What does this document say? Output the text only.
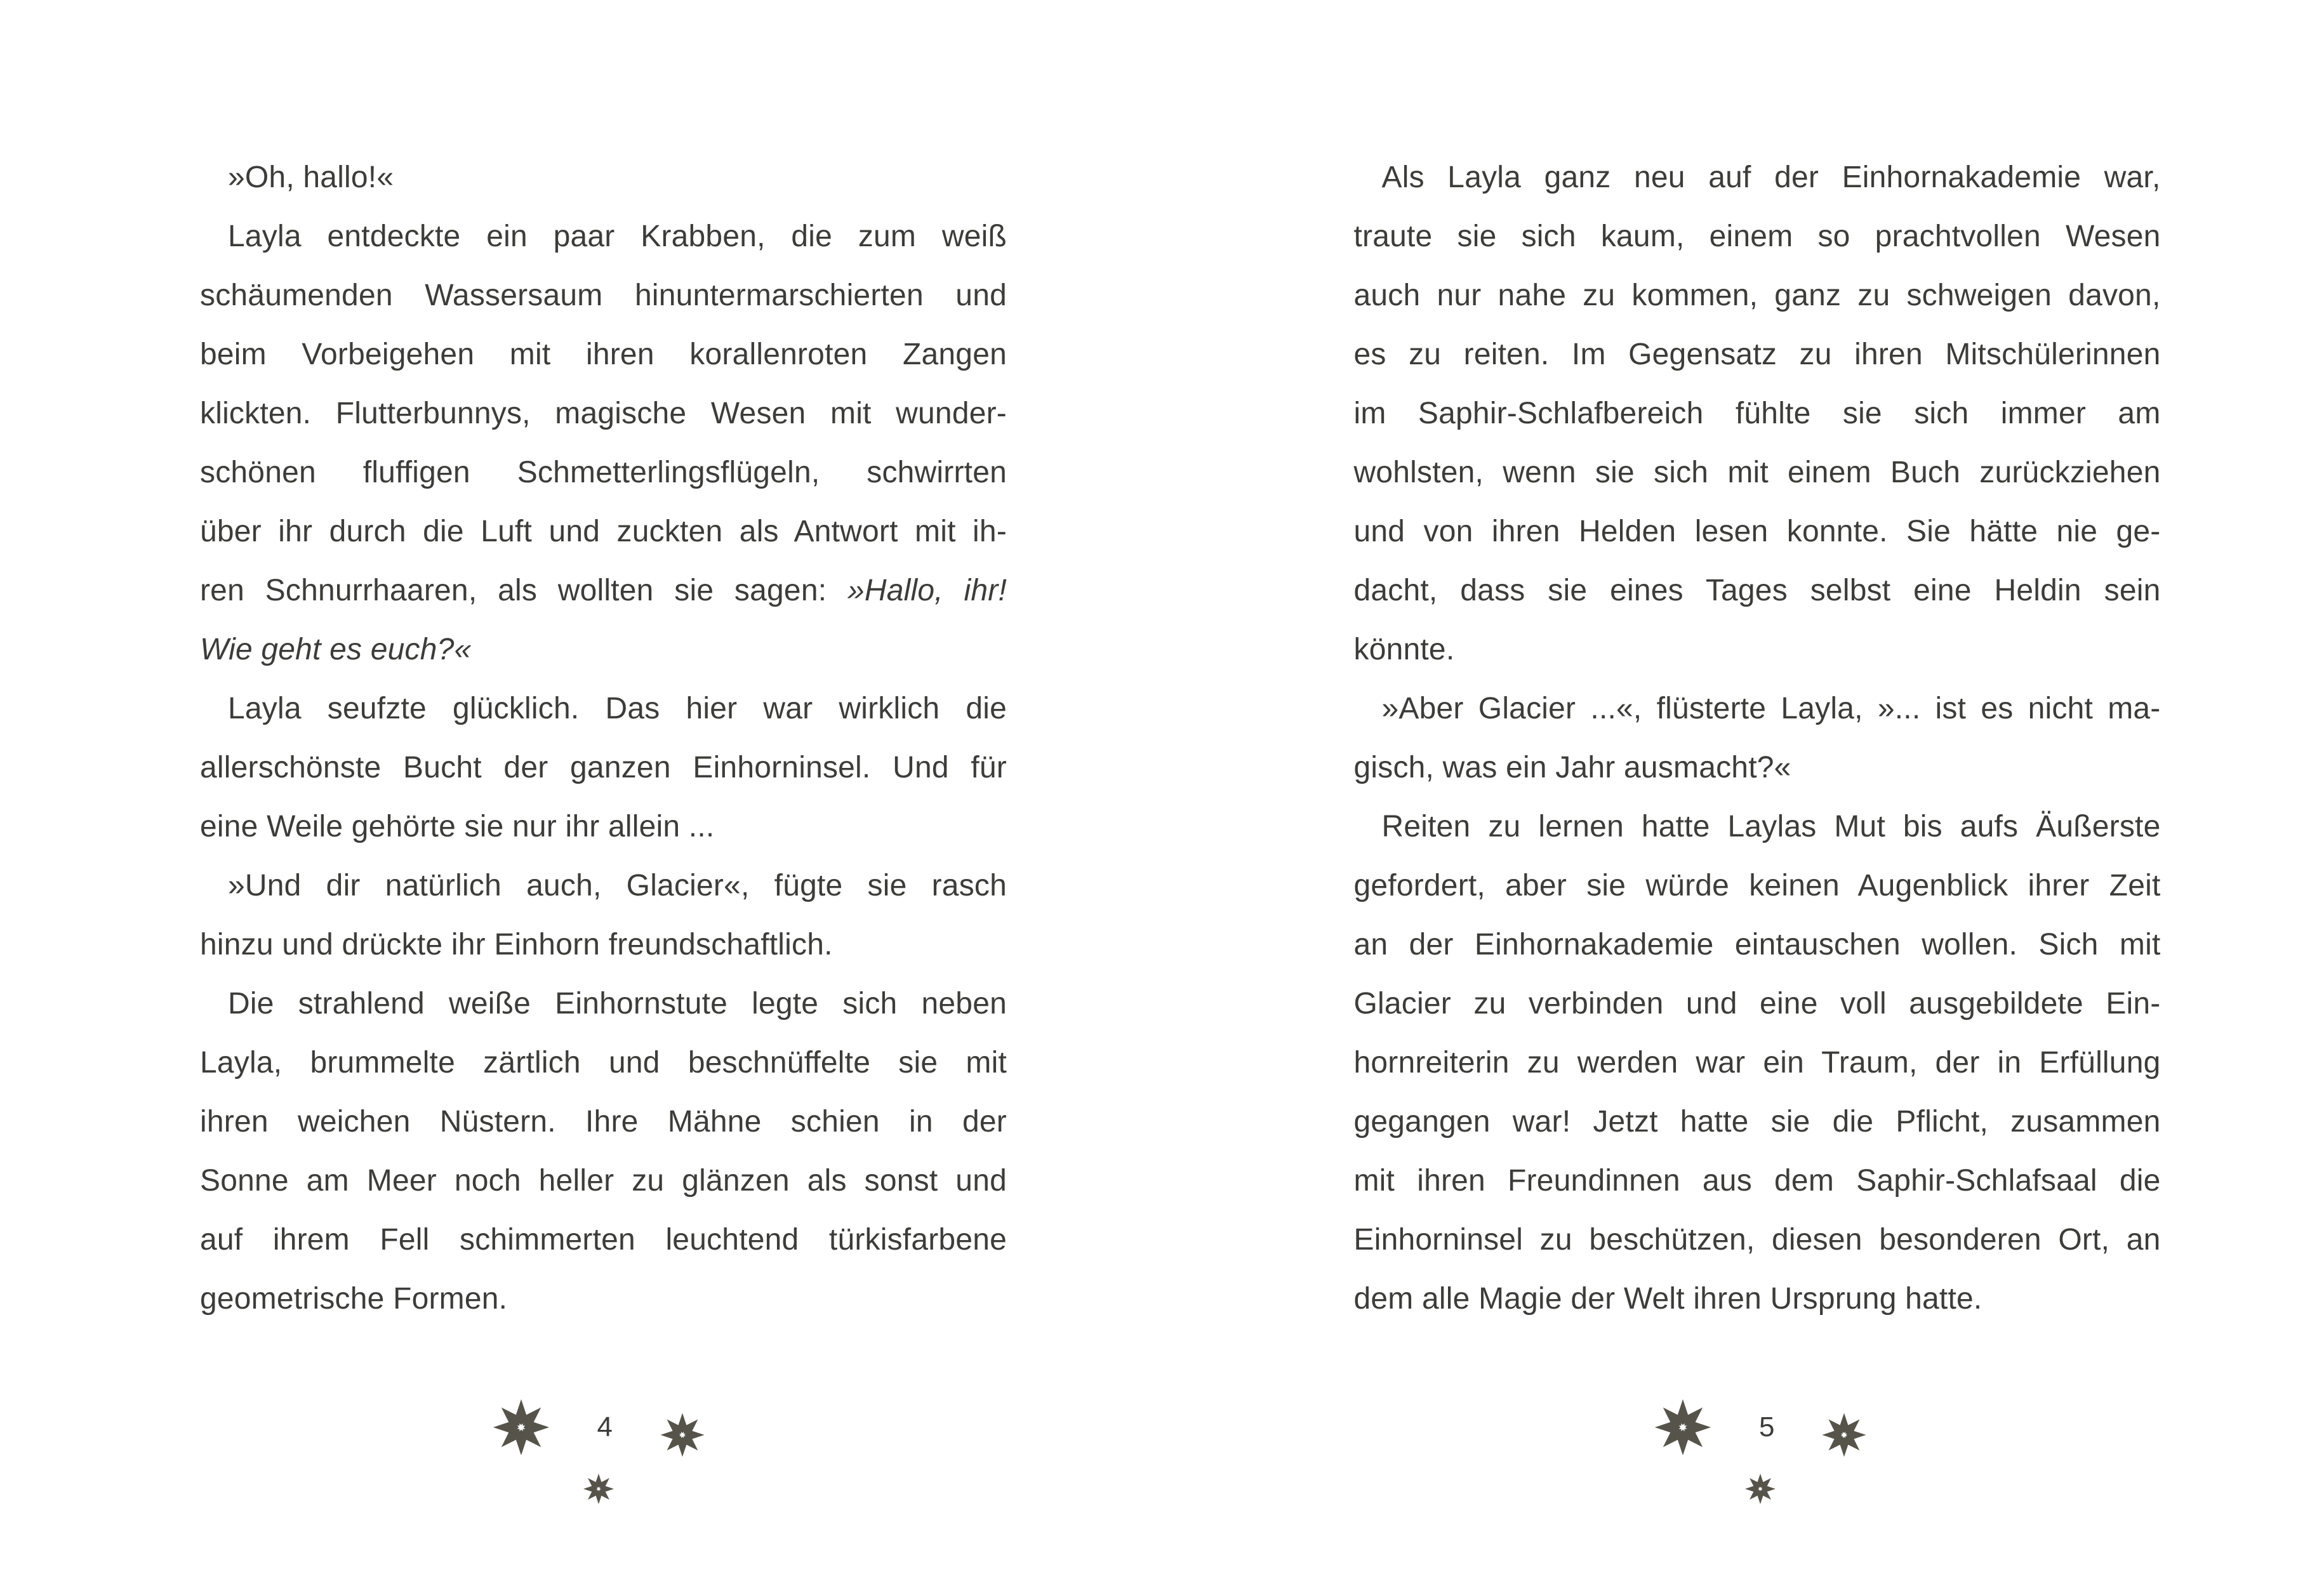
»Oh, hallo!«
Layla entdeckte ein paar Krabben, die zum weiß
schäumenden Wassersaum hinuntermarschierten und
beim Vorbeigehen mit ihren korallenroten Zangen
klickten. Flutterbunnys, magische Wesen mit wunder-
schönen fluffigen Schmetterlingsflügeln, schwirrten
über ihr durch die Luft und zuckten als Antwort mit ih-
ren Schnurrhaaren, als wollten sie sagen: »Hallo, ihr!
Wie geht es euch?«
Layla seufzte glücklich. Das hier war wirklich die
allerschönste Bucht der ganzen Einhorninsel. Und für
eine Weile gehörte sie nur ihr allein ...
»Und dir natürlich auch, Glacier«, fügte sie rasch
hinzu und drückte ihr Einhorn freundschaftlich.
Die strahlend weiße Einhornstute legte sich neben
Layla, brummelte zärtlich und beschnüffelte sie mit
ihren weichen Nüstern. Ihre Mähne schien in der
Sonne am Meer noch heller zu glänzen als sonst und
auf ihrem Fell schimmerten leuchtend türkisfarbene
geometrische Formen.
4
Als Layla ganz neu auf der Einhornakademie war,
traute sie sich kaum, einem so prachtvollen Wesen
auch nur nahe zu kommen, ganz zu schweigen davon,
es zu reiten. Im Gegensatz zu ihren Mitschülerinnen
im Saphir-Schlafbereich fühlte sie sich immer am
wohlsten, wenn sie sich mit einem Buch zurückziehen
und von ihren Helden lesen konnte. Sie hätte nie ge-
dacht, dass sie eines Tages selbst eine Heldin sein
könnte.
»Aber Glacier ...«, flüsterte Layla, »... ist es nicht ma-
gisch, was ein Jahr ausmacht?«
Reiten zu lernen hatte Laylas Mut bis aufs Äußerste
gefordert, aber sie würde keinen Augenblick ihrer Zeit
an der Einhornakademie eintauschen wollen. Sich mit
Glacier zu verbinden und eine voll ausgebildete Ein-
hornreiterin zu werden war ein Traum, der in Erfüllung
gegangen war! Jetzt hatte sie die Pflicht, zusammen
mit ihren Freundinnen aus dem Saphir-Schlafsaal die
Einhorninsel zu beschützen, diesen besonderen Ort, an
dem alle Magie der Welt ihren Ursprung hatte.
5
